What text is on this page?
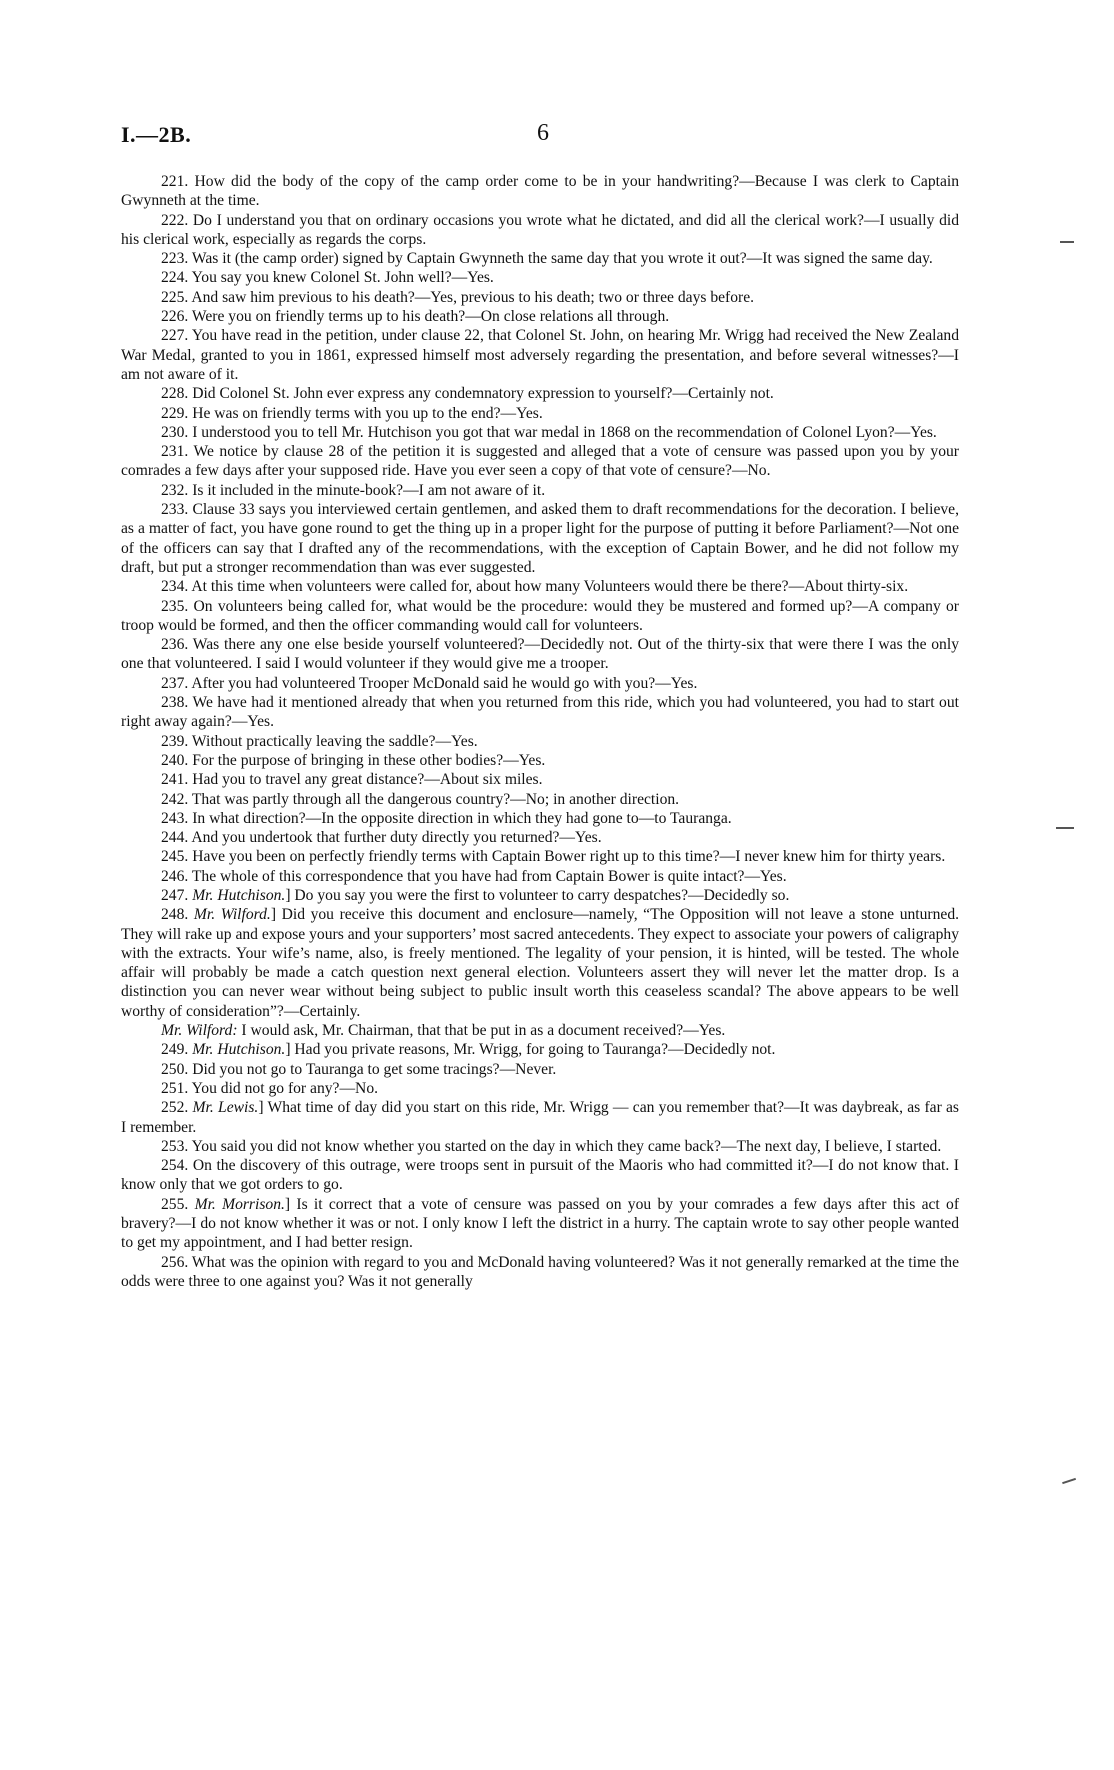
I.—2B.	6

221. How did the body of the copy of the camp order come to be in your handwriting?—Because I was clerk to Captain Gwynneth at the time.

222. Do I understand you that on ordinary occasions you wrote what he dictated, and did all the clerical work?—I usually did his clerical work, especially as regards the corps.

223. Was it (the camp order) signed by Captain Gwynneth the same day that you wrote it out?—It was signed the same day.

224. You say you knew Colonel St. John well?—Yes.

225. And saw him previous to his death?—Yes, previous to his death; two or three days before.

226. Were you on friendly terms up to his death?—On close relations all through.

227. You have read in the petition, under clause 22, that Colonel St. John, on hearing Mr. Wrigg had received the New Zealand War Medal, granted to you in 1861, expressed himself most adversely regarding the presentation, and before several witnesses?—I am not aware of it.

228. Did Colonel St. John ever express any condemnatory expression to yourself?—Certainly not.

229. He was on friendly terms with you up to the end?—Yes.

230. I understood you to tell Mr. Hutchison you got that war medal in 1868 on the recommendation of Colonel Lyon?—Yes.

231. We notice by clause 28 of the petition it is suggested and alleged that a vote of censure was passed upon you by your comrades a few days after your supposed ride. Have you ever seen a copy of that vote of censure?—No.

232. Is it included in the minute-book?—I am not aware of it.

233. Clause 33 says you interviewed certain gentlemen, and asked them to draft recommendations for the decoration. I believe, as a matter of fact, you have gone round to get the thing up in a proper light for the purpose of putting it before Parliament?—Not one of the officers can say that I drafted any of the recommendations, with the exception of Captain Bower, and he did not follow my draft, but put a stronger recommendation than was ever suggested.

234. At this time when volunteers were called for, about how many Volunteers would there be there?—About thirty-six.

235. On volunteers being called for, what would be the procedure: would they be mustered and formed up?—A company or troop would be formed, and then the officer commanding would call for volunteers.

236. Was there any one else beside yourself volunteered?—Decidedly not. Out of the thirty-six that were there I was the only one that volunteered. I said I would volunteer if they would give me a trooper.

237. After you had volunteered Trooper McDonald said he would go with you?—Yes.

238. We have had it mentioned already that when you returned from this ride, which you had volunteered, you had to start out right away again?—Yes.

239. Without practically leaving the saddle?—Yes.

240. For the purpose of bringing in these other bodies?—Yes.

241. Had you to travel any great distance?—About six miles.

242. That was partly through all the dangerous country?—No; in another direction.

243. In what direction?—In the opposite direction in which they had gone to—to Tauranga.

244. And you undertook that further duty directly you returned?—Yes.

245. Have you been on perfectly friendly terms with Captain Bower right up to this time?—I never knew him for thirty years.

246. The whole of this correspondence that you have had from Captain Bower is quite intact?—Yes.

247. Mr. Hutchison.] Do you say you were the first to volunteer to carry despatches?—Decidedly so.

248. Mr. Wilford.] Did you receive this document and enclosure—namely, “The Opposition will not leave a stone unturned. They will rake up and expose yours and your supporters’ most sacred antecedents. They expect to associate your powers of caligraphy with the extracts. Your wife’s name, also, is freely mentioned. The legality of your pension, it is hinted, will be tested. The whole affair will probably be made a catch question next general election. Volunteers assert they will never let the matter drop. Is a distinction you can never wear without being subject to public insult worth this ceaseless scandal? The above appears to be well worthy of consideration”?—Certainly.

Mr. Wilford: I would ask, Mr. Chairman, that that be put in as a document received?—Yes.

249. Mr. Hutchison.] Had you private reasons, Mr. Wrigg, for going to Tauranga?—Decidedly not.

250. Did you not go to Tauranga to get some tracings?—Never.

251. You did not go for any?—No.

252. Mr. Lewis.] What time of day did you start on this ride, Mr. Wrigg — can you remember that?—It was daybreak, as far as I remember.

253. You said you did not know whether you started on the day in which they came back?—The next day, I believe, I started.

254. On the discovery of this outrage, were troops sent in pursuit of the Maoris who had committed it?—I do not know that. I know only that we got orders to go.

255. Mr. Morrison.] Is it correct that a vote of censure was passed on you by your comrades a few days after this act of bravery?—I do not know whether it was or not. I only know I left the district in a hurry. The captain wrote to say other people wanted to get my appointment, and I had better resign.

256. What was the opinion with regard to you and McDonald having volunteered? Was it not generally remarked at the time the odds were three to one against you? Was it not generally
